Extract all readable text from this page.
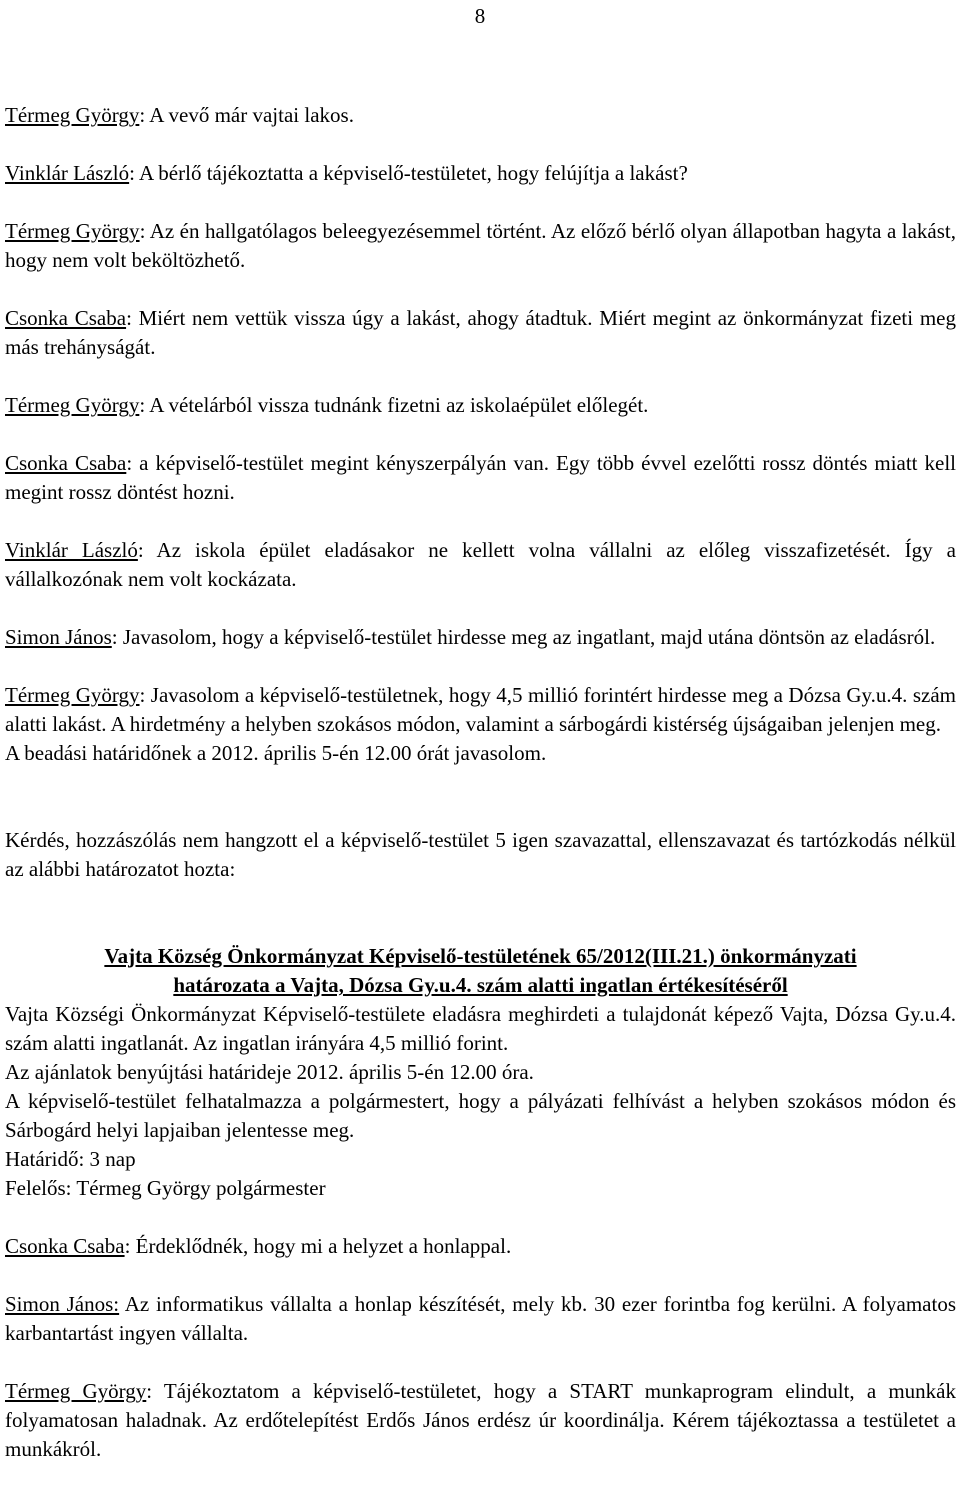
8

Térmeg György: A vevő már vajtai lakos.

Vinklár László: A bérlő tájékoztatta a képviselő-testületet, hogy felújítja a lakást?

Térmeg György: Az én hallgatólagos beleegyezésemmel történt. Az előző bérlő olyan állapotban hagyta a lakást, hogy nem volt beköltözhető.

Csonka Csaba: Miért nem vettük vissza úgy a lakást, ahogy átadtuk. Miért megint az önkormányzat fizeti meg más trehányságát.

Térmeg György: A vételárból vissza tudnánk fizetni az iskolaépület előlegét.

Csonka Csaba: a képviselő-testület megint kényszerpályán van. Egy több évvel ezelőtti rossz döntés miatt kell megint rossz döntést hozni.

Vinklár László: Az iskola épület eladásakor ne kellett volna vállalni az előleg visszafizetését. Így a vállalkozónak nem volt kockázata.

Simon János: Javasolom, hogy a képviselő-testület hirdesse meg az ingatlant, majd utána döntsön az eladásról.

Térmeg György: Javasolom a képviselő-testületnek, hogy 4,5 millió forintért hirdesse meg a Dózsa Gy.u.4. szám alatti lakást. A hirdetmény a helyben szokásos módon, valamint a sárbogárdi kistérség újságaiban jelenjen meg.

A beadási határidőnek a 2012. április 5-én 12.00 órát javasolom.

Kérdés, hozzászólás nem hangzott el a képviselő-testület 5 igen szavazattal, ellenszavazat és tartózkodás nélkül az alábbi határozatot hozta:

Vajta Község Önkormányzat Képviselő-testületének 65/2012(III.21.) önkormányzati

határozata a Vajta, Dózsa Gy.u.4. szám alatti ingatlan értékesítéséről

Vajta Községi Önkormányzat Képviselő-testülete eladásra meghirdeti a tulajdonát képező Vajta, Dózsa Gy.u.4. szám alatti ingatlanát. Az ingatlan irányára 4,5 millió forint.

Az ajánlatok benyújtási határideje 2012. április 5-én 12.00 óra.

A képviselő-testület felhatalmazza a polgármestert, hogy a pályázati felhívást a helyben szokásos módon és Sárbogárd helyi lapjaiban jelentesse meg.

Határidő: 3 nap

Felelős: Térmeg György polgármester

Csonka Csaba: Érdeklődnék, hogy mi a helyzet a honlappal.

Simon János: Az informatikus vállalta a honlap készítését, mely kb. 30 ezer forintba fog kerülni. A folyamatos karbantartást ingyen vállalta.

Térmeg György: Tájékoztatom a képviselő-testületet, hogy a START munkaprogram elindult, a munkák folyamatosan haladnak. Az erdőtelepítést Erdős János erdész úr koordinálja. Kérem tájékoztassa a testületet a munkákról.
